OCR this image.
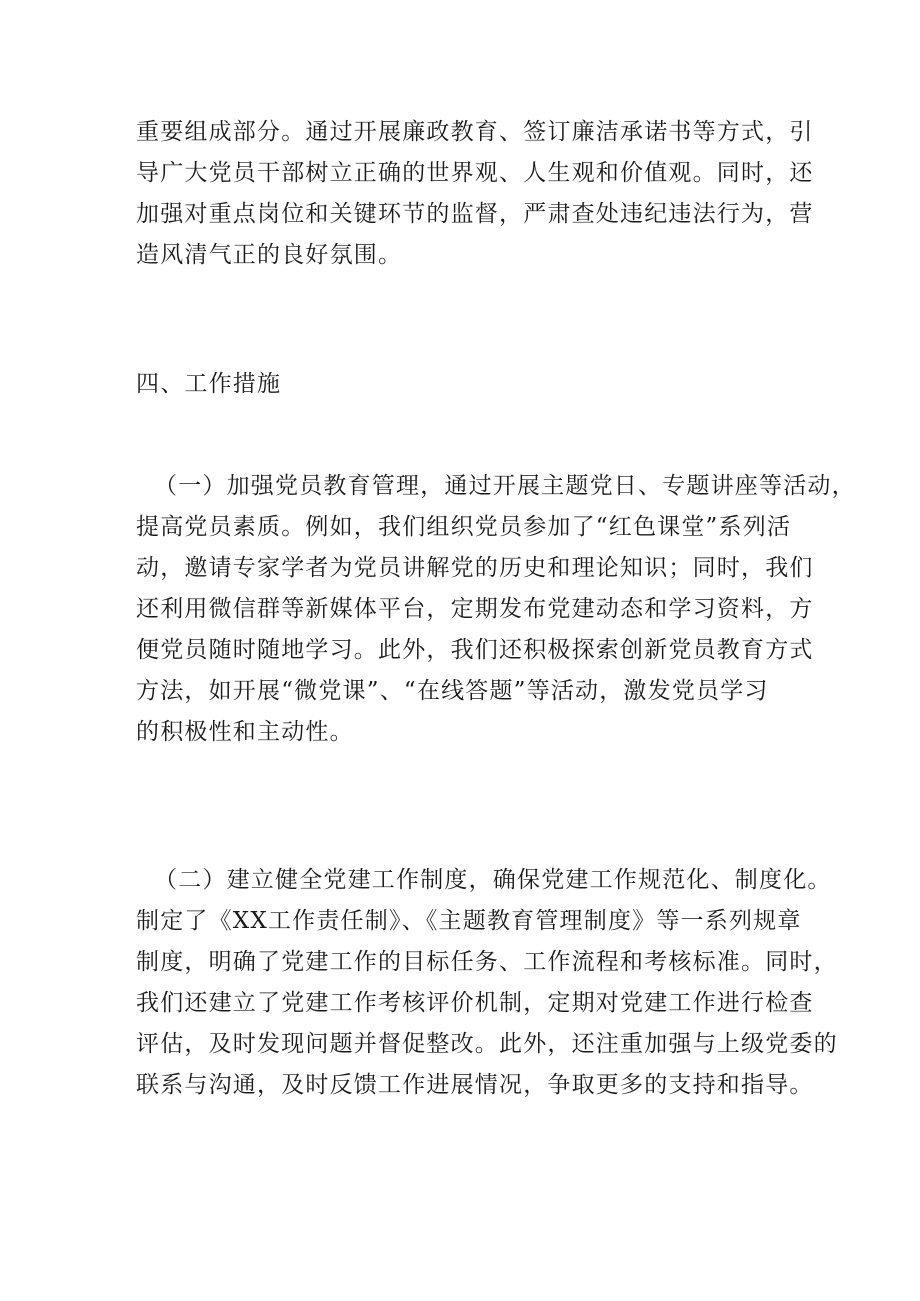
重要组成部分。通过开展廉政教育、签订廉洁承诺书等方式，引
导广大党员干部树立正确的世界观、人生观和价值观。同时，还
加强对重点岗位和关键环节的监督，严肃查处违纪违法行为，营
造风清气正的良好氛围。
四、工作措施
（一）加强党员教育管理，通过开展主题党日、专题讲座等活动，
提高党员素质。例如，我们组织党员参加了“红色课堂”系列活
动，邀请专家学者为党员讲解党的历史和理论知识；同时，我们
还利用微信群等新媒体平台，定期发布党建动态和学习资料，方
便党员随时随地学习。此外，我们还积极探索创新党员教育方式
方法，如开展“微党课”、“在线答题”等活动，激发党员学习
的积极性和主动性。
（二）建立健全党建工作制度，确保党建工作规范化、制度化。
制定了《XX工作责任制》、《主题教育管理制度》等一系列规章
制度，明确了党建工作的目标任务、工作流程和考核标准。同时，
我们还建立了党建工作考核评价机制，定期对党建工作进行检查
评估，及时发现问题并督促整改。此外，还注重加强与上级党委的
联系与沟通，及时反馈工作进展情况，争取更多的支持和指导。
